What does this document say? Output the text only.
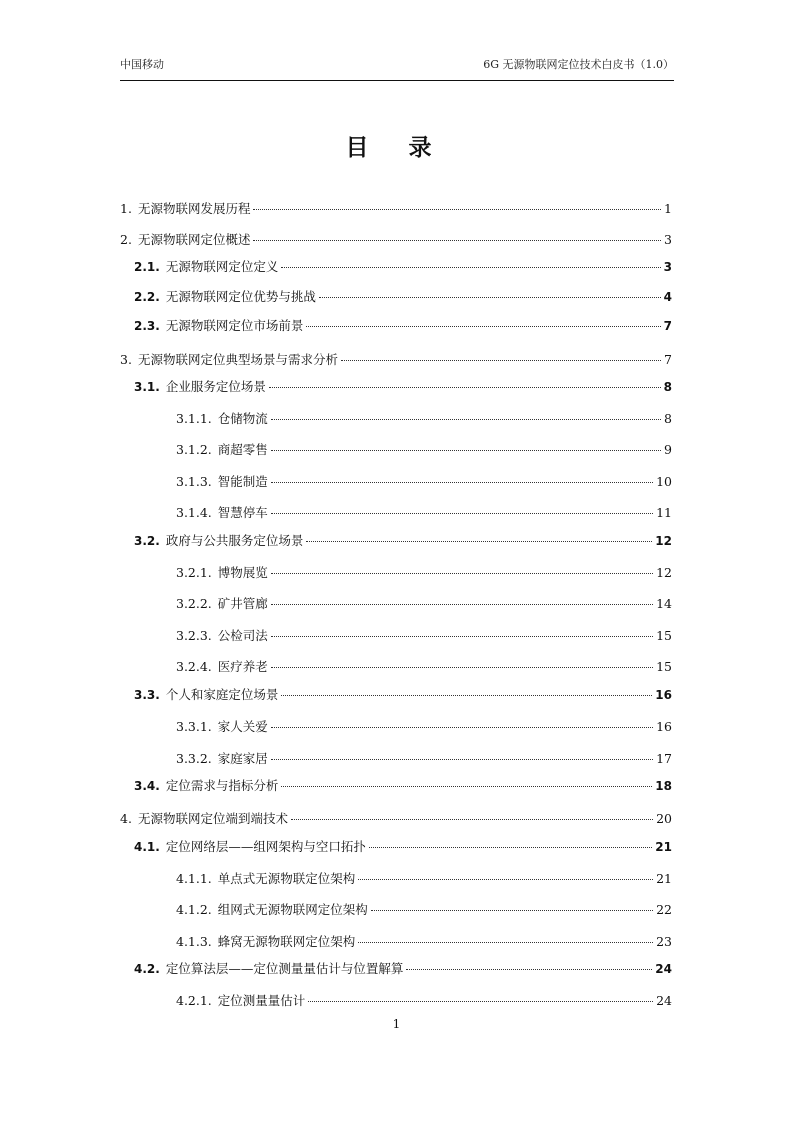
中国移动	6G 无源物联网定位技术白皮书（1.0）
目 录
1. 无源物联网发展历程	1
2. 无源物联网定位概述	3
2.1. 无源物联网定位定义	3
2.2. 无源物联网定位优势与挑战	4
2.3. 无源物联网定位市场前景	7
3. 无源物联网定位典型场景与需求分析	7
3.1. 企业服务定位场景	8
3.1.1. 仓储物流	8
3.1.2. 商超零售	9
3.1.3. 智能制造	10
3.1.4. 智慧停车	11
3.2. 政府与公共服务定位场景	12
3.2.1. 博物展览	12
3.2.2. 矿井管廊	14
3.2.3. 公检司法	15
3.2.4. 医疗养老	15
3.3. 个人和家庭定位场景	16
3.3.1. 家人关爱	16
3.3.2. 家庭家居	17
3.4. 定位需求与指标分析	18
4. 无源物联网定位端到端技术	20
4.1. 定位网络层——组网架构与空口拓扑	21
4.1.1. 单点式无源物联定位架构	21
4.1.2. 组网式无源物联网定位架构	22
4.1.3. 蜂窝无源物联网定位架构	23
4.2. 定位算法层——定位测量量估计与位置解算	24
4.2.1. 定位测量量估计	24
1
